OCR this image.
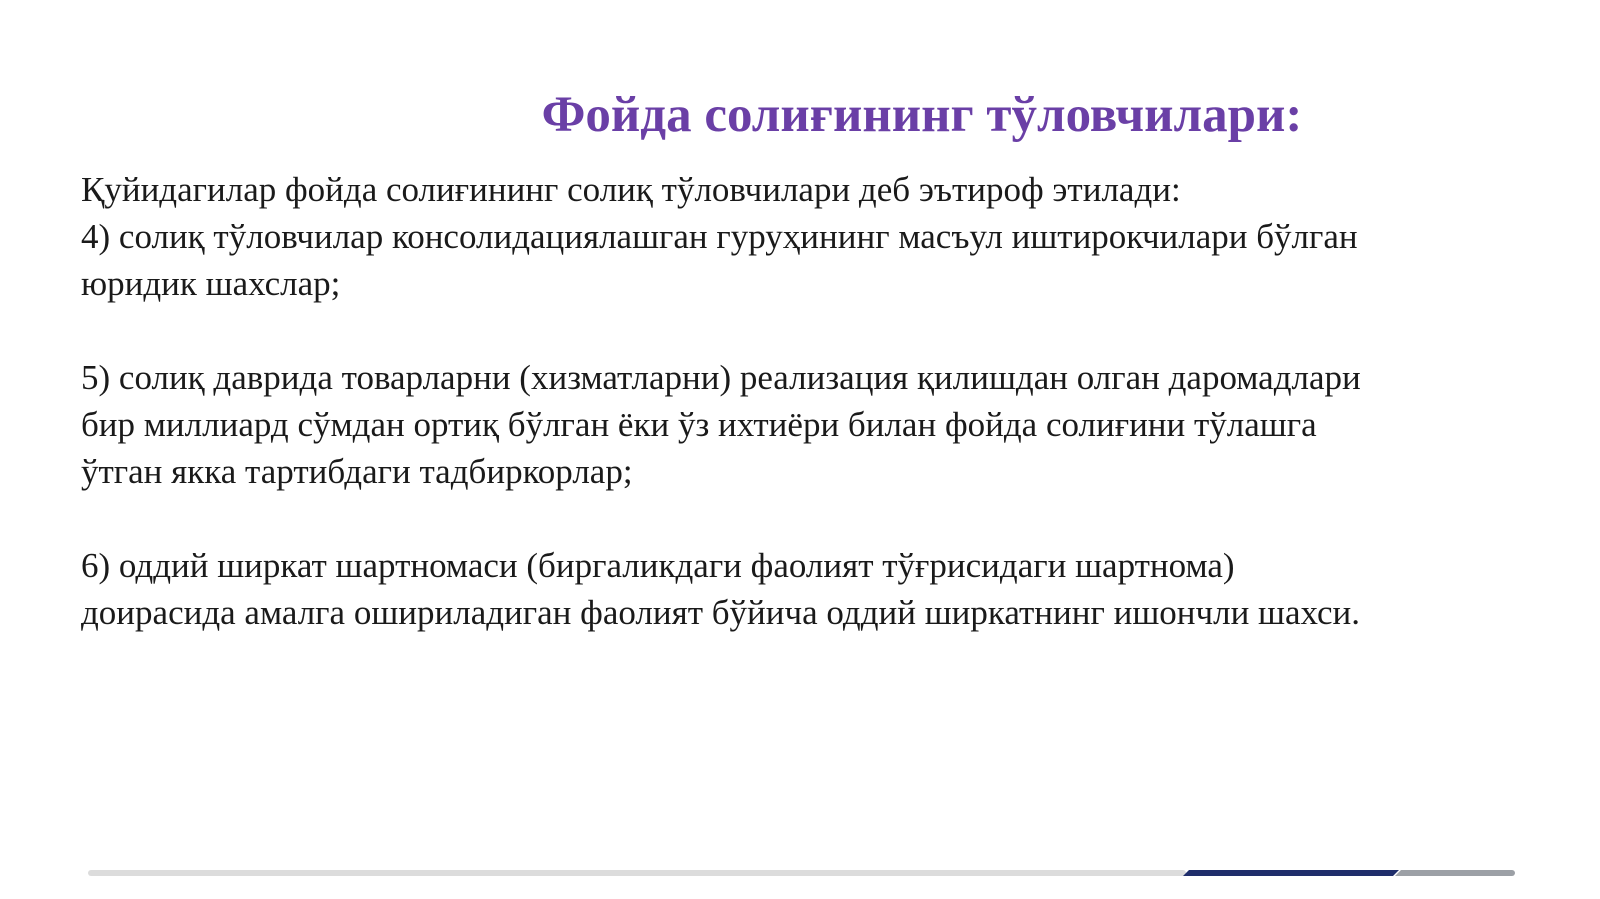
Фойда солиғининг тўловчилари:

Қуйидагилар фойда солиғининг солиқ тўловчилари деб эътироф этилади:

4) солиқ тўловчилар консолидациялашган гуруҳининг масъул иштирокчилари бўлган

юридик шахслар;

5) солиқ даврида товарларни (хизматларни) реализация қилишдан олган даромадлари

бир миллиард сўмдан ортиқ бўлган ёки ўз ихтиёри билан фойда солиғини тўлашга

ўтган якка тартибдаги тадбиркорлар;

6) оддий ширкат шартномаси (биргаликдаги фаолият тўғрисидаги шартнома)

доирасида амалга ошириладиган фаолият бўйича оддий ширкатнинг ишончли шахси.
